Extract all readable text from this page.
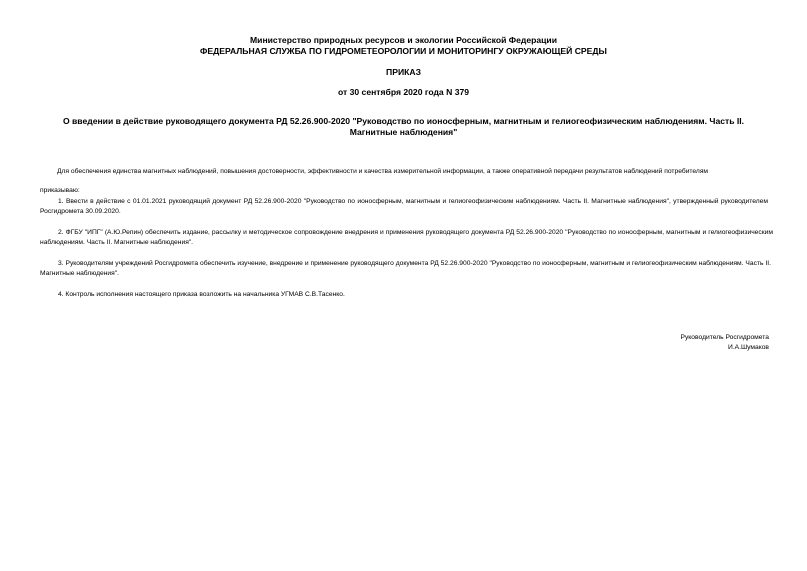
Министерство природных ресурсов и экологии Российской Федерации
ФЕДЕРАЛЬНАЯ СЛУЖБА ПО ГИДРОМЕТЕОРОЛОГИИ И МОНИТОРИНГУ ОКРУЖАЮЩЕЙ СРЕДЫ
ПРИКАЗ
от 30 сентября 2020 года N 379
О введении в действие руководящего документа РД 52.26.900-2020 "Руководство по ионосферным, магнитным и гелиогеофизическим наблюдениям. Часть II. Магнитные наблюдения"
Для обеспечения единства магнитных наблюдений, повышения достоверности, эффективности и качества измерительной информации, а также оперативной передачи результатов наблюдений потребителям
приказываю:
1. Ввести в действие с 01.01.2021 руководящий документ РД 52.26.900-2020 "Руководство по ионосферным, магнитным и гелиогеофизическим наблюдениям. Часть II. Магнитные наблюдения", утвержденный руководителем Росгидромета 30.09.2020.
2. ФГБУ "ИПГ" (А.Ю.Репин) обеспечить издание, рассылку и методическое сопровождение внедрения и применения руководящего документа РД 52.26.900-2020 "Руководство по ионосферным, магнитным и гелиогеофизическим наблюдениям. Часть II. Магнитные наблюдения".
3. Руководителям учреждений Росгидромета обеспечить изучение, внедрение и применение руководящего документа РД 52.26.900-2020 "Руководство по ионосферным, магнитным и гелиогеофизическим наблюдениям. Часть II. Магнитные наблюдения".
4. Контроль исполнения настоящего приказа возложить на начальника УГМАВ С.В.Тасенко.
Руководитель Росгидромета
И.А.Шумаков
